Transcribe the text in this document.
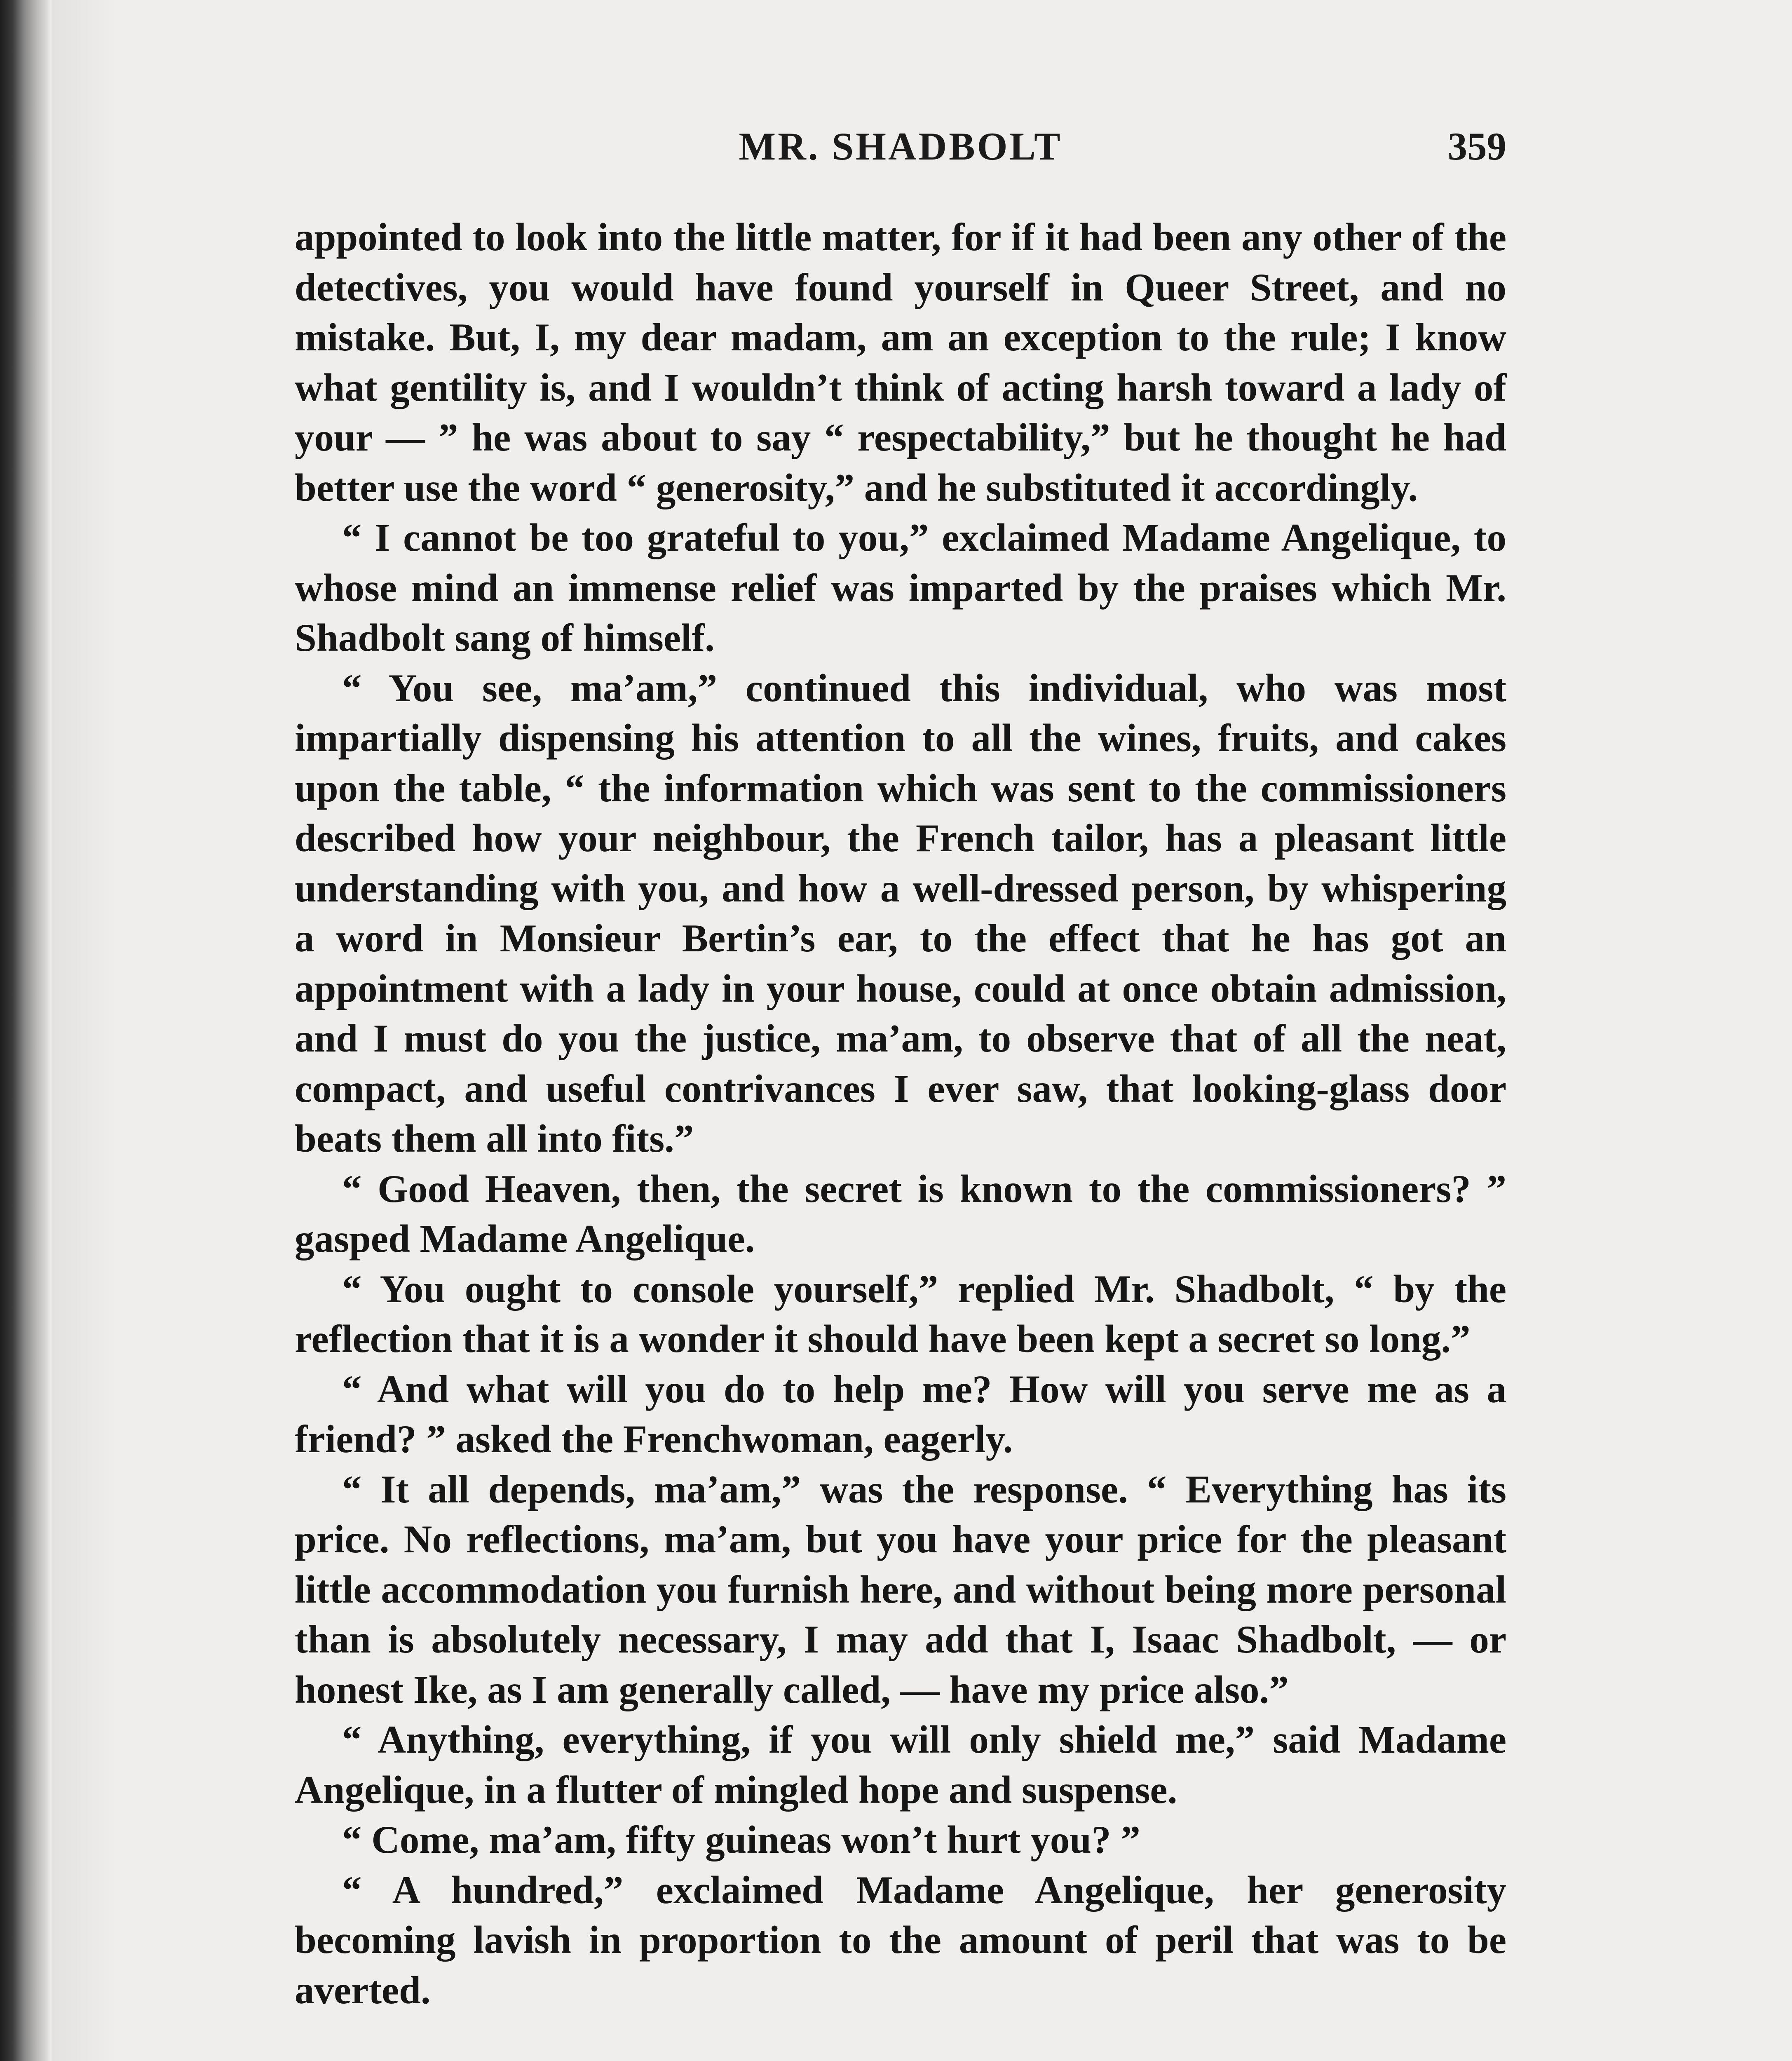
MR. SHADBOLT	359

appointed to look into the little matter, for if it had been any other of the detectives, you would have found yourself in Queer Street, and no mistake. But, I, my dear madam, am an exception to the rule; I know what gentility is, and I wouldn’t think of acting harsh toward a lady of your — ” he was about to say “ respectability,” but he thought he had better use the word “ generosity,” and he substituted it accordingly.

“ I cannot be too grateful to you,” exclaimed Madame Angelique, to whose mind an immense relief was imparted by the praises which Mr. Shadbolt sang of himself.

“ You see, ma’am,” continued this individual, who was most impartially dispensing his attention to all the wines, fruits, and cakes upon the table, “ the information which was sent to the commissioners described how your neighbour, the French tailor, has a pleasant little understanding with you, and how a well-dressed person, by whispering a word in Monsieur Bertin’s ear, to the effect that he has got an appointment with a lady in your house, could at once obtain admission, and I must do you the justice, ma’am, to observe that of all the neat, compact, and useful contrivances I ever saw, that looking-glass door beats them all into fits.”

“ Good Heaven, then, the secret is known to the commissioners? ” gasped Madame Angelique.

“ You ought to console yourself,” replied Mr. Shadbolt, “ by the reflection that it is a wonder it should have been kept a secret so long.”

“ And what will you do to help me? How will you serve me as a friend? ” asked the Frenchwoman, eagerly.

“ It all depends, ma’am,” was the response. “ Everything has its price. No reflections, ma’am, but you have your price for the pleasant little accommodation you furnish here, and without being more personal than is absolutely necessary, I may add that I, Isaac Shadbolt, — or honest Ike, as I am generally called, — have my price also.”

“ Anything, everything, if you will only shield me,” said Madame Angelique, in a flutter of mingled hope and suspense.

“ Come, ma’am, fifty guineas won’t hurt you? ”

“ A hundred,” exclaimed Madame Angelique, her generosity becoming lavish in proportion to the amount of peril that was to be averted.
